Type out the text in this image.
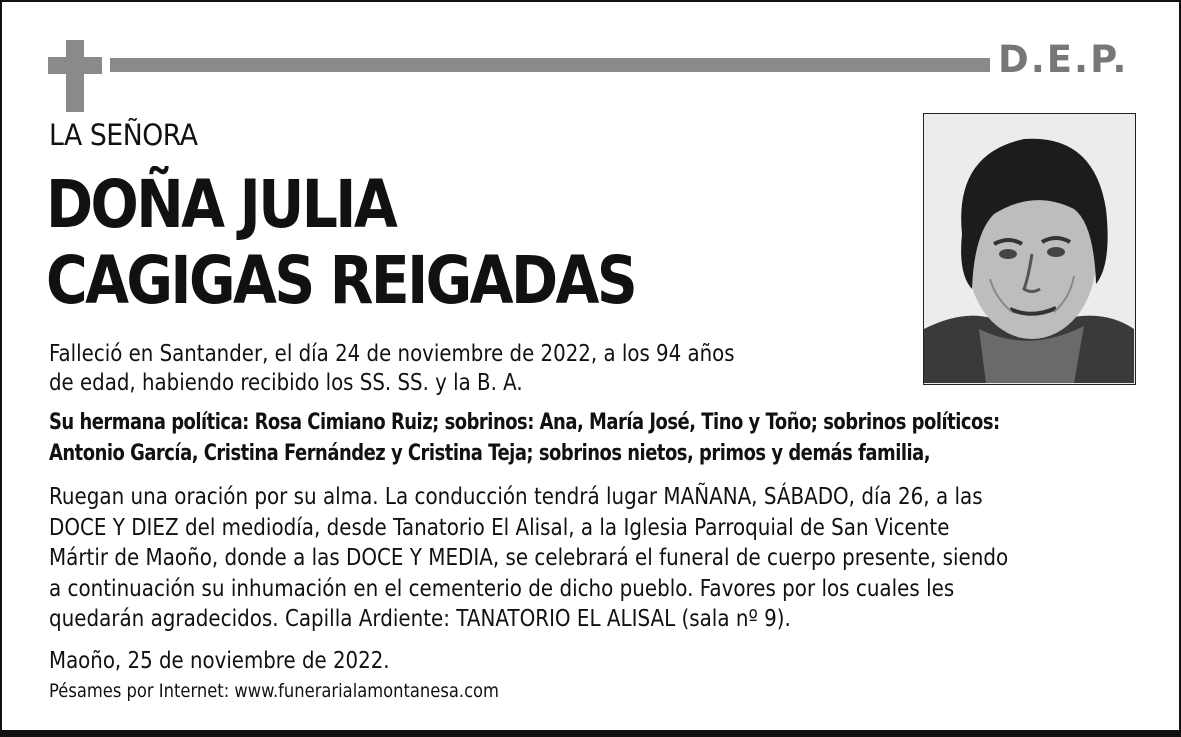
D.E.P.
LA SEÑORA
DOÑA JULIA
CAGIGAS REIGADAS

Falleció en Santander, el día 24 de noviembre de 2022, a los 94 años
de edad, habiendo recibido los SS. SS. y la B. A.

Su hermana política: Rosa Cimiano Ruiz; sobrinos: Ana, María José, Tino y Toño; sobrinos políticos:
Antonio García, Cristina Fernández y Cristina Teja; sobrinos nietos, primos y demás familia,

Ruegan una oración por su alma. La conducción tendrá lugar MAÑANA, SÁBADO, día 26, a las
DOCE Y DIEZ del mediodía, desde Tanatorio El Alisal, a la Iglesia Parroquial de San Vicente
Mártir de Maoño, donde a las DOCE Y MEDIA, se celebrará el funeral de cuerpo presente, siendo
a continuación su inhumación en el cementerio de dicho pueblo. Favores por los cuales les
quedarán agradecidos. Capilla Ardiente: TANATORIO EL ALISAL (sala nº 9).

Maoño, 25 de noviembre de 2022.
Pésames por Internet: www.funerarialamontanesa.com
